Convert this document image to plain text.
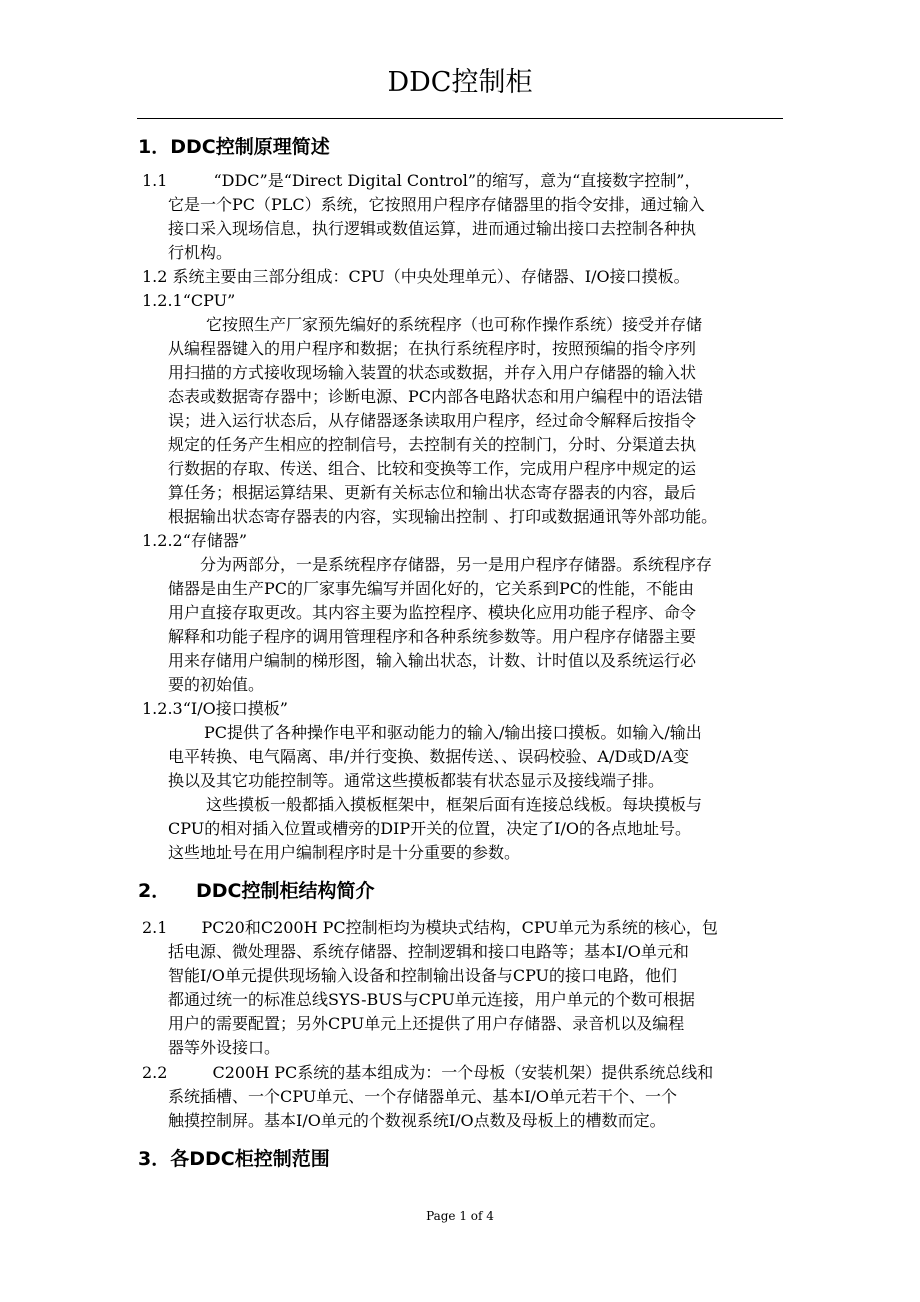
DDC控制柜
1．DDC控制原理简述
1.1	“DDC”是“Direct Digital Control”的缩写，意为“直接数字控制”，
它是一个PC（PLC）系统，它按照用户程序存储器里的指令安排，通过输入
接口采入现场信息，执行逻辑或数值运算，进而通过输出接口去控制各种执
行机构。
1.2 系统主要由三部分组成：CPU（中央处理单元）、存储器、I/O接口摸板。
1.2.1“CPU”
它按照生产厂家预先编好的系统程序（也可称作操作系统）接受并存储
从编程器键入的用户程序和数据；在执行系统程序时，按照预编的指令序列
用扫描的方式接收现场输入装置的状态或数据，并存入用户存储器的输入状
态表或数据寄存器中；诊断电源、PC内部各电路状态和用户编程中的语法错
误；进入运行状态后，从存储器逐条读取用户程序，经过命令解释后按指令
规定的任务产生相应的控制信号，去控制有关的控制门，分时、分渠道去执
行数据的存取、传送、组合、比较和变换等工作，完成用户程序中规定的运
算任务；根据运算结果、更新有关标志位和输出状态寄存器表的内容，最后
根据输出状态寄存器表的内容，实现输出控制 、打印或数据通讯等外部功能。
1.2.2“存储器”
分为两部分，一是系统程序存储器，另一是用户程序存储器。系统程序存
储器是由生产PC的厂家事先编写并固化好的，它关系到PC的性能，不能由
用户直接存取更改。其内容主要为监控程序、模块化应用功能子程序、命令
解释和功能子程序的调用管理程序和各种系统参数等。用户程序存储器主要
用来存储用户编制的梯形图，输入输出状态，计数、计时值以及系统运行必
要的初始值。
1.2.3“I/O接口摸板”
PC提供了各种操作电平和驱动能力的输入/输出接口摸板。如输入/输出
电平转换、电气隔离、串/并行变换、数据传送、、误码校验、A/D或D/A变
换以及其它功能控制等。通常这些摸板都装有状态显示及接线端子排。
这些摸板一般都插入摸板框架中，框架后面有连接总线板。每块摸板与
CPU的相对插入位置或槽旁的DIP开关的位置，决定了I/O的各点地址号。
这些地址号在用户编制程序时是十分重要的参数。
2． DDC控制柜结构简介
2.1 PC20和C200H PC控制柜均为模块式结构，CPU单元为系统的核心，包
括电源、微处理器、系统存储器、控制逻辑和接口电路等；基本I/O单元和
智能I/O单元提供现场输入设备和控制输出设备与CPU的接口电路，他们
都通过统一的标准总线SYS-BUS与CPU单元连接，用户单元的个数可根据
用户的需要配置；另外CPU单元上还提供了用户存储器、录音机以及编程
器等外设接口。
2.2	C200H PC系统的基本组成为：一个母板（安装机架）提供系统总线和
系统插槽、一个CPU单元、一个存储器单元、基本I/O单元若干个、一个
触摸控制屏。基本I/O单元的个数视系统I/O点数及母板上的槽数而定。
3．各DDC柜控制范围
Page 1 of 4
